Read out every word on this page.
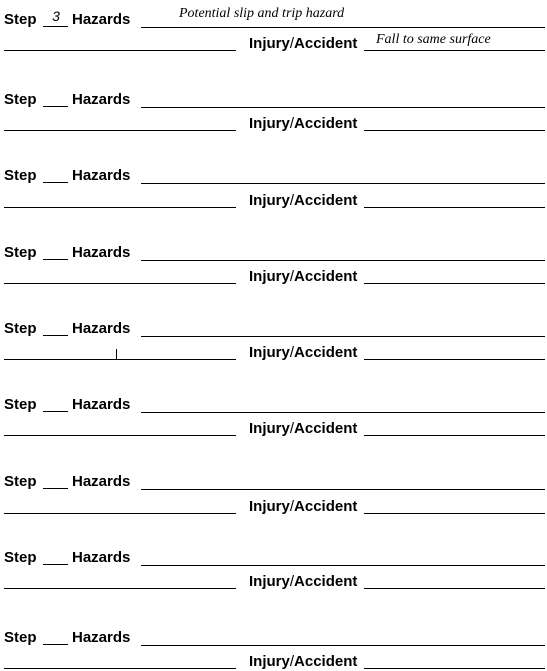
Step	3 Hazards	Potential slip and trip hazard
Injury/Accident Fall to same surface
Step Hazards
Injury/Accident
Step Hazards
Injury/Accident
Step Hazards
Injury/Accident
Step Hazards
Injury/Accident
Step Hazards
Injury/Accident
Step Hazards
Injury/Accident
Step Hazards
Injury/Accident
Step Hazards
Injury/Accident
